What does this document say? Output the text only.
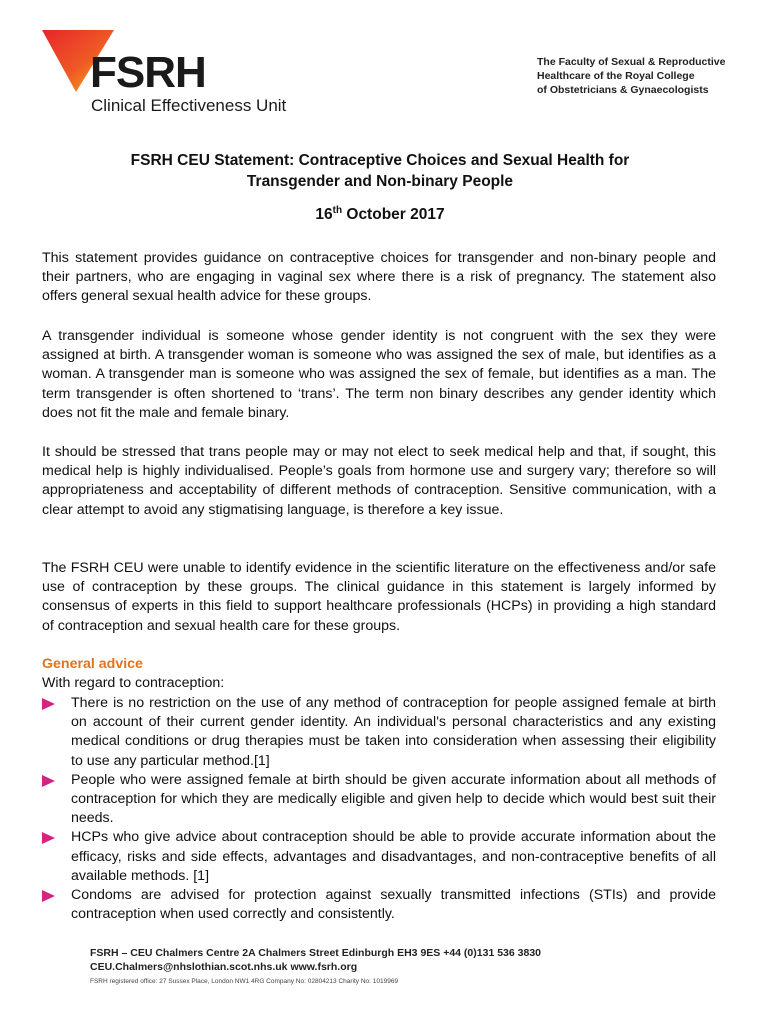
FSRH
Clinical Effectiveness Unit
The Faculty of Sexual & Reproductive
Healthcare of the Royal College
of Obstetricians & Gynaecologists
FSRH CEU Statement: Contraceptive Choices and Sexual Health for
Transgender and Non-binary People
16th October 2017

This statement provides guidance on contraceptive choices for transgender and non-binary people and their partners, who are engaging in vaginal sex where there is a risk of pregnancy. The statement also offers general sexual health advice for these groups.

A transgender individual is someone whose gender identity is not congruent with the sex they were assigned at birth. A transgender woman is someone who was assigned the sex of male, but identifies as a woman. A transgender man is someone who was assigned the sex of female, but identifies as a man. The term transgender is often shortened to ‘trans’. The term non binary describes any gender identity which does not fit the male and female binary.

It should be stressed that trans people may or may not elect to seek medical help and that, if sought, this medical help is highly individualised. People’s goals from hormone use and surgery vary; therefore so will appropriateness and acceptability of different methods of contraception. Sensitive communication, with a clear attempt to avoid any stigmatising language, is therefore a key issue.

The FSRH CEU were unable to identify evidence in the scientific literature on the effectiveness and/or safe use of contraception by these groups. The clinical guidance in this statement is largely informed by consensus of experts in this field to support healthcare professionals (HCPs) in providing a high standard of contraception and sexual health care for these groups.

General advice
With regard to contraception:
There is no restriction on the use of any method of contraception for people assigned female at birth on account of their current gender identity. An individual's personal characteristics and any existing medical conditions or drug therapies must be taken into consideration when assessing their eligibility to use any particular method.[1]
People who were assigned female at birth should be given accurate information about all methods of contraception for which they are medically eligible and given help to decide which would best suit their needs.
HCPs who give advice about contraception should be able to provide accurate information about the efficacy, risks and side effects, advantages and disadvantages, and non-contraceptive benefits of all available methods. [1]
Condoms are advised for protection against sexually transmitted infections (STIs) and provide contraception when used correctly and consistently.
FSRH – CEU Chalmers Centre 2A Chalmers Street Edinburgh EH3 9ES +44 (0)131 536 3830
CEU.Chalmers@nhslothian.scot.nhs.uk www.fsrh.org
FSRH registered office: 27 Sussex Place, London NW1 4RG Company No: 02804213 Charity No: 1019969
